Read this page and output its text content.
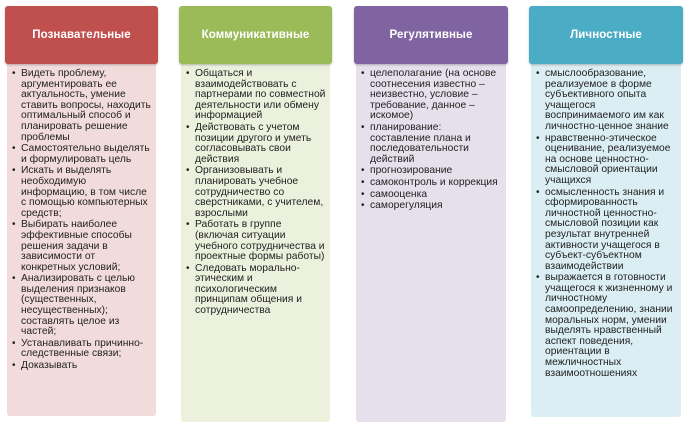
Познавательные
• Видеть проблему, аргументировать ее актуальность, умение ставить вопросы, находить оптимальный способ и планировать решение проблемы
• Самостоятельно выделять и формулировать цель
• Искать и выделять необходимую информацию, в том числе с помощью компьютерных средств;
• Выбирать наиболее эффективные способы решения задачи в зависимости от конкретных условий;
• Анализировать с целью выделения признаков (существенных, несущественных); составлять целое из частей;
• Устанавливать причинно-следственные связи;
• Доказывать
Коммуникативные
• Общаться и взаимодействовать с партнерами по совместной деятельности или обмену информацией
• Действовать с учетом позиции другого и уметь согласовывать свои действия
• Организовывать и планировать учебное сотрудничество со сверстниками, с учителем, взрослыми
• Работать в группе (включая ситуации учебного сотрудничества и проектные формы работы)
• Следовать морально-этическим и психологическим принципам общения и сотрудничества
Регулятивные
• целеполагание (на основе соотнесения известно – неизвестно, условие – требование, данное – искомое)
• планирование: составление плана и последовательности действий
• прогнозирование
• самоконтроль и коррекция
• самооценка
• саморегуляция
Личностные
• смыслообразование, реализуемое в форме субъективного опыта учащегося воспринимаемого им как личностно-ценное знание
• нравственно-этическое оценивание, реализуемое на основе ценностно-смысловой ориентации учащихся
• осмысленность знания и сформированность личностной ценностно-смысловой позиции как результат внутренней активности учащегося в субъект-субъектном взаимодействии
• выражается в готовности учащегося к жизненному и личностному самоопределению, знании моральных норм, умении выделять нравственный аспект поведения, ориентации в межличностных взаимоотношениях
